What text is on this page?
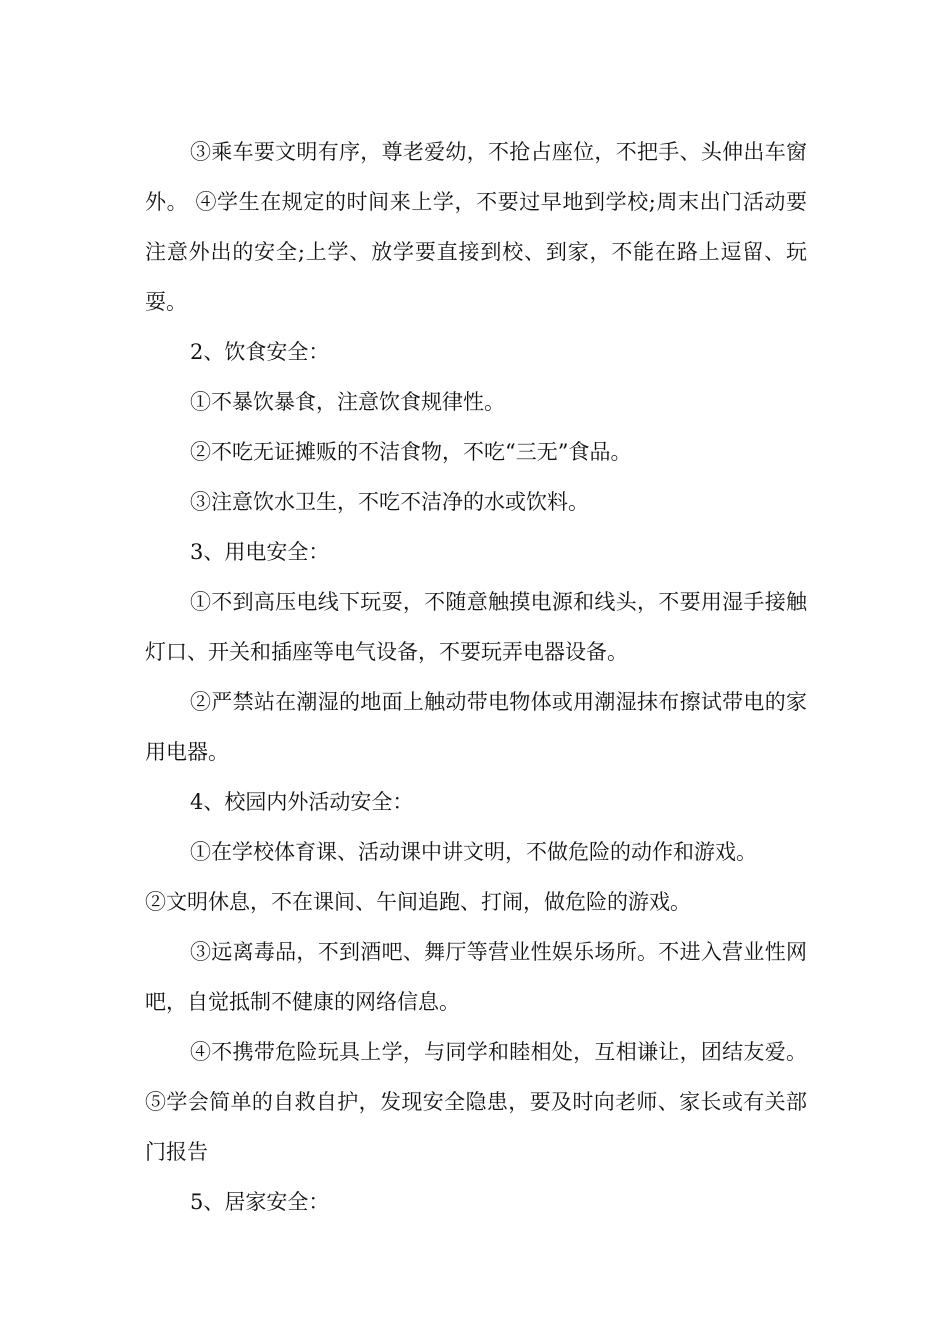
③乘车要文明有序，尊老爱幼，不抢占座位，不把手、头伸出车窗外。 ④学生在规定的时间来上学，不要过早地到学校;周末出门活动要注意外出的安全;上学、放学要直接到校、到家，不能在路上逗留、玩耍。

2、饮食安全：

①不暴饮暴食，注意饮食规律性。

②不吃无证摊贩的不洁食物，不吃“三无”食品。

③注意饮水卫生，不吃不洁净的水或饮料。

3、用电安全：

①不到高压电线下玩耍，不随意触摸电源和线头，不要用湿手接触灯口、开关和插座等电气设备，不要玩弄电器设备。

②严禁站在潮湿的地面上触动带电物体或用潮湿抹布擦试带电的家用电器。

4、校园内外活动安全：

①在学校体育课、活动课中讲文明，不做危险的动作和游戏。

②文明休息，不在课间、午间追跑、打闹，做危险的游戏。

③远离毒品，不到酒吧、舞厅等营业性娱乐场所。不进入营业性网吧，自觉抵制不健康的网络信息。

④不携带危险玩具上学，与同学和睦相处，互相谦让，团结友爱。 ⑤学会简单的自救自护，发现安全隐患，要及时向老师、家长或有关部门报告

5、居家安全：
